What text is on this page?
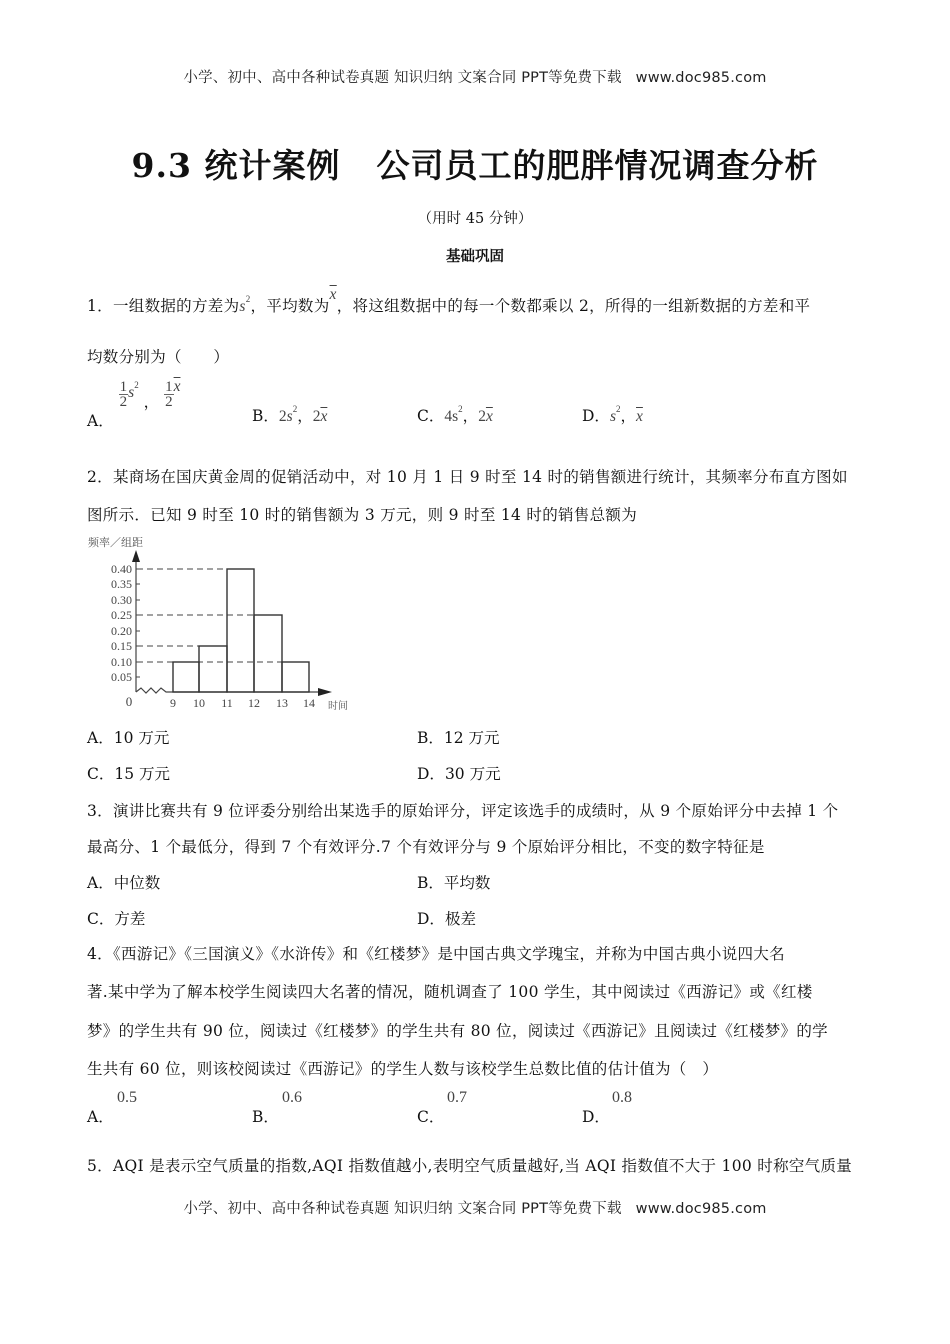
小学、初中、高中各种试卷真题 知识归纳 文案合同 PPT等免费下载 www.doc985.com
9.3 统计案例 公司员工的肥胖情况调查分析
（用时 45 分钟）
基础巩固
1．一组数据的方差为$s^2$，平均数为$\overline{x}$，将这组数据中的每一个数都乘以 2，所得的一组新数据的方差和平
均数分别为（　　）
A．
$\frac{1}{2} s^2$ ， $\frac{1}{2} \overline{x}$
B．$2s^2$，$2\overline{x}$	C．$4s^2$，$2\overline{x}$	D．$s^2$，$\overline{x}$
2．某商场在国庆黄金周的促销活动中，对 10 月 1 日 9 时至 14 时的销售额进行统计，其频率分布直方图如
图所示．已知 9 时至 10 时的销售额为 3 万元，则 9 时至 14 时的销售总额为
频率／组距
0.40
0.35
0.30
0.25
0.20
0.15
0.10
0.05
0	9 10 11 12 13 14 时间
A．10 万元	B．12 万元
C．15 万元	D．30 万元
3．演讲比赛共有 9 位评委分别给出某选手的原始评分，评定该选手的成绩时，从 9 个原始评分中去掉 1 个
最高分、1 个最低分，得到 7 个有效评分.7 个有效评分与 9 个原始评分相比，不变的数字特征是
A．中位数	B．平均数
C．方差	D．极差
4．《西游记》《三国演义》《水浒传》和《红楼梦》是中国古典文学瑰宝，并称为中国古典小说四大名
著.某中学为了解本校学生阅读四大名著的情况，随机调查了 100 学生，其中阅读过《西游记》或《红楼
梦》的学生共有 90 位，阅读过《红楼梦》的学生共有 80 位，阅读过《西游记》且阅读过《红楼梦》的学
生共有 60 位，则该校阅读过《西游记》的学生人数与该校学生总数比值的估计值为（　）
A．
0.5
B．
0.6
C．
0.7
D．
0.8
5．AQI 是表示空气质量的指数,AQI 指数值越小,表明空气质量越好,当 AQI 指数值不大于 100 时称空气质量
小学、初中、高中各种试卷真题 知识归纳 文案合同 PPT等免费下载 www.doc985.com
